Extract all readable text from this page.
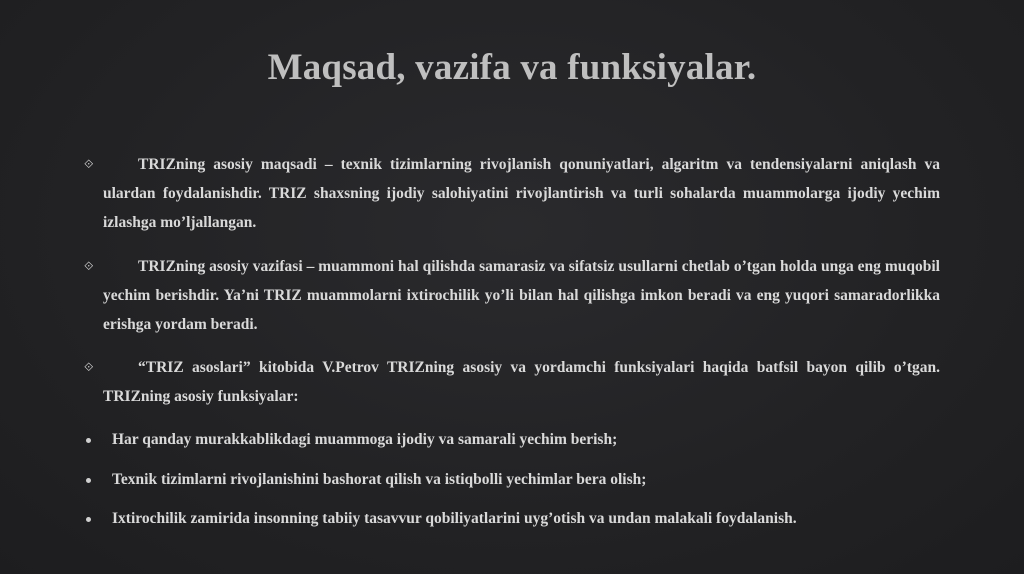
Maqsad, vazifa va funksiyalar.
⟐	TRIZning asosiy maqsadi – texnik tizimlarning rivojlanish qonuniyatlari, algaritm va tendensiyalarni aniqlash va ulardan foydalanishdir. TRIZ shaxsning ijodiy salohiyatini rivojlantirish va turli sohalarda muammolarga ijodiy yechim izlashga mo’ljallangan.
⟐	TRIZning asosiy vazifasi – muammoni hal qilishda samarasiz va sifatsiz usullarni chetlab o’tgan holda unga eng muqobil yechim berishdir. Ya’ni TRIZ muammolarni ixtirochilik yo’li bilan hal qilishga imkon beradi va eng yuqori samaradorlikka erishga yordam beradi.
⟐	“TRIZ asoslari” kitobida V.Petrov TRIZning asosiy va yordamchi funksiyalari haqida batfsil bayon qilib o’tgan. TRIZning asosiy funksiyalar:
Har qanday murakkablikdagi muammoga ijodiy va samarali yechim berish;
Texnik tizimlarni rivojlanishini bashorat qilish va istiqbolli yechimlar bera olish;
Ixtirochilik zamirida insonning tabiiy tasavvur qobiliyatlarini uyg’otish va undan malakali foydalanish.
